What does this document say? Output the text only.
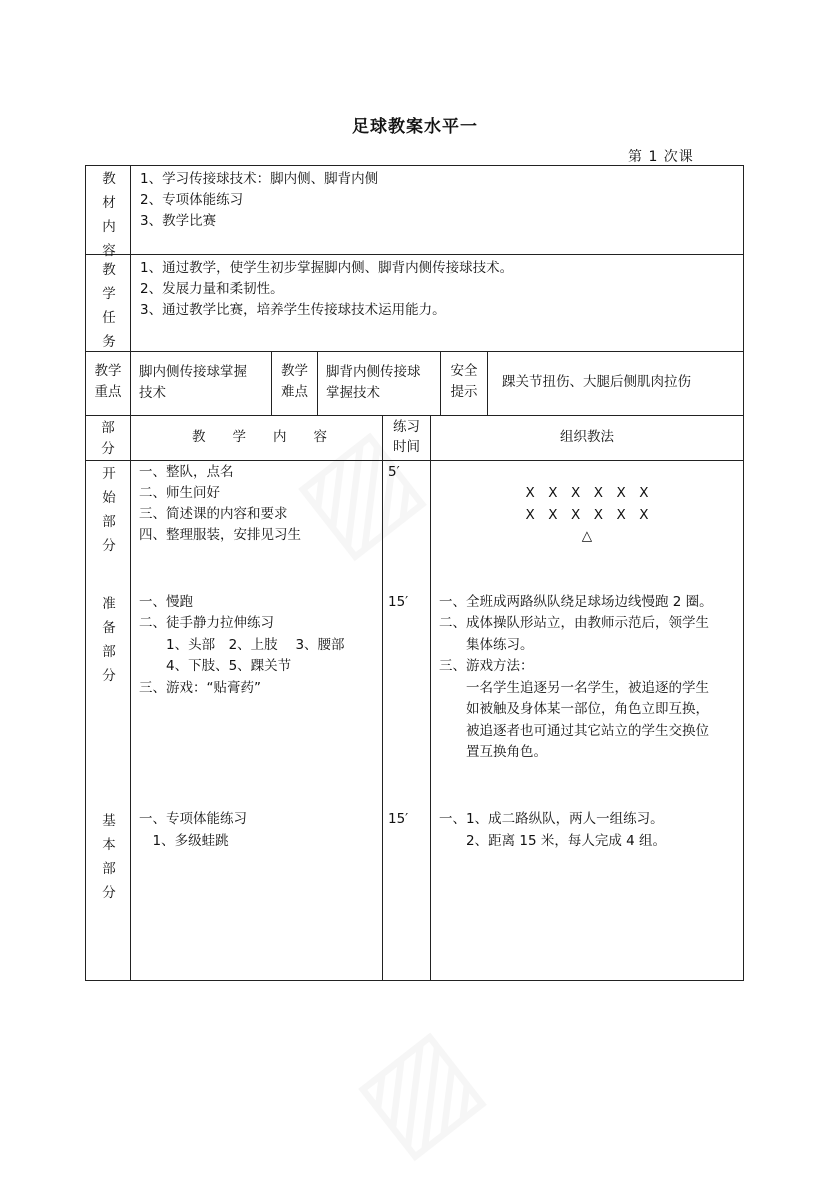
足球教案水平一
第 1 次课
教材内容
1、学习传接球技术：脚内侧、脚背内侧
2、专项体能练习
3、教学比赛
教学任务
1、通过教学，使学生初步掌握脚内侧、脚背内侧传接球技术。
2、发展力量和柔韧性。
3、通过教学比赛，培养学生传接球技术运用能力。
教学
重点
脚内侧传接球掌握
技术
教学
难点
脚背内侧传接球
掌握技术
安全
提示
踝关节扭伤、大腿后侧肌肉拉伤
部
分
教　　学　　内　　容
练习
时间
组织教法
开始部分
一、整队，点名
二、师生问好
三、简述课的内容和要求
四、整理服装，安排见习生
5′
X　X　X　X　X　X
X　X　X　X　X　X
△
准备部分
一、慢跑
二、徒手静力拉伸练习
　　1、头部　2、上肢　 3、腰部
　　4、下肢、5、踝关节
三、游戏：“贴膏药”
15′ 一、全班成两路纵队绕足球场边线慢跑 2 圈。
二、成体操队形站立，由教师示范后，领学生
　　集体练习。
三、游戏方法：
　　一名学生追逐另一名学生，被追逐的学生
　　如被触及身体某一部位，角色立即互换，
　　被追逐者也可通过其它站立的学生交换位
　　置互换角色。
基本部分
一、专项体能练习
　1、多级蛙跳
15′ 一、1、成二路纵队，两人一组练习。
　　2、距离 15 米，每人完成 4 组。
